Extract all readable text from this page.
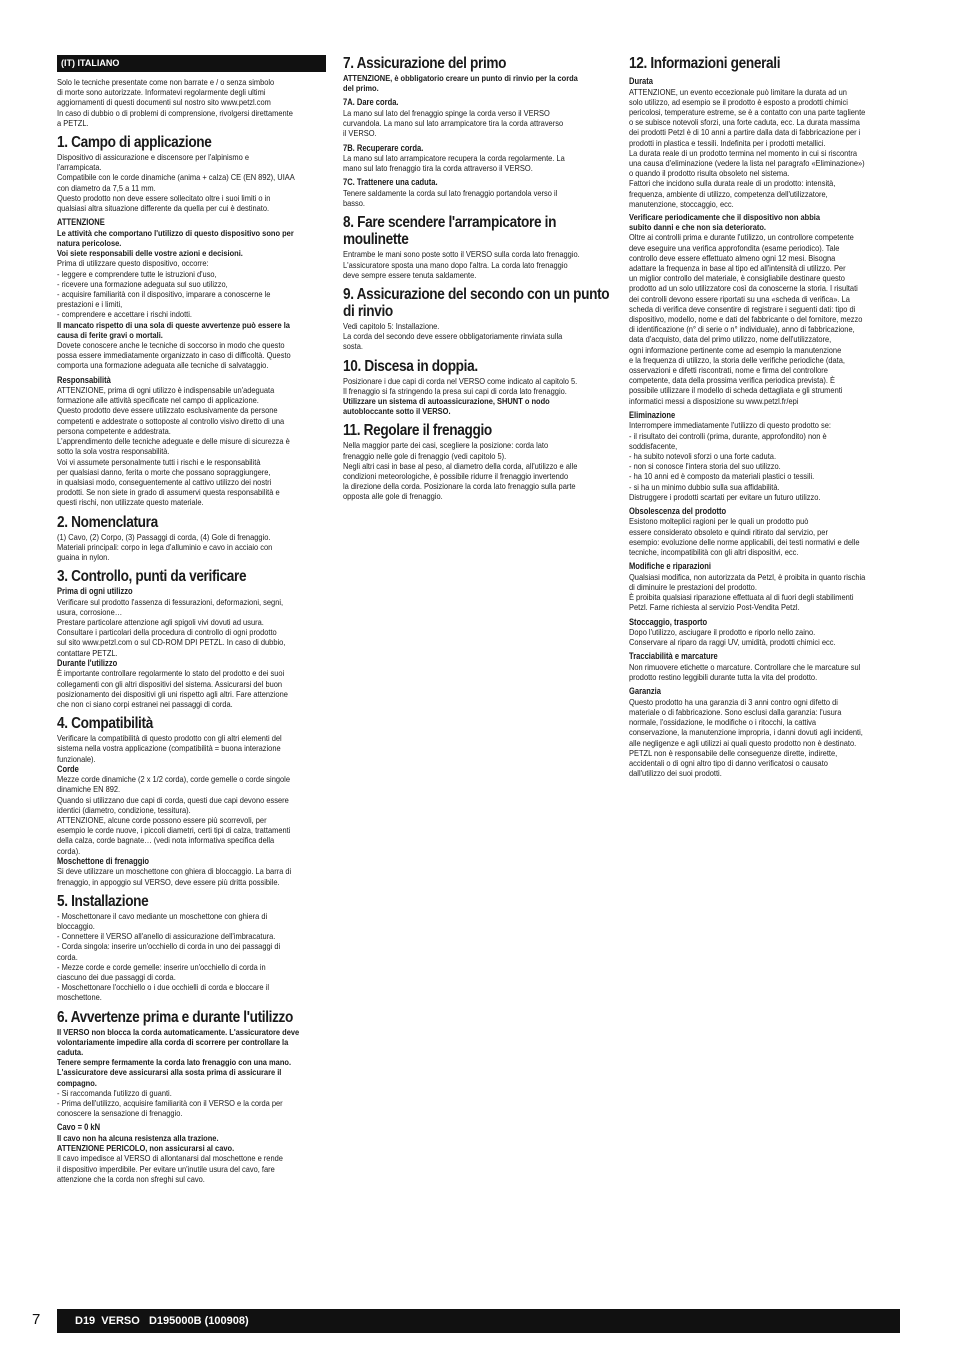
(IT) ITALIANO

Solo le tecniche presentate come non barrate e / o senza simbolo
di morte sono autorizzate. Informatevi regolarmente degli ultimi
aggiornamenti di questi documenti sul nostro sito www.petzl.com
In caso di dubbio o di problemi di comprensione, rivolgersi direttamente
a PETZL.

1. Campo di applicazione

Dispositivo di assicurazione e discensore per l'alpinismo e
l'arrampicata.
Compatibile con le corde dinamiche (anima + calza) CE (EN 892), UIAA
con diametro da 7,5 a 11 mm.
Questo prodotto non deve essere sollecitato oltre i suoi limiti o in
qualsiasi altra situazione differente da quella per cui è destinato.

ATTENZIONE

Le attività che comportano l'utilizzo di questo dispositivo sono per
natura pericolose.
Voi siete responsabili delle vostre azioni e decisioni.

Prima di utilizzare questo dispositivo, occorre:
- leggere e comprendere tutte le istruzioni d'uso,
- ricevere una formazione adeguata sul suo utilizzo,
- acquisire familiarità con il dispositivo, imparare a conoscerne le
prestazioni e i limiti,
- comprendere e accettare i rischi indotti.

Il mancato rispetto di una sola di queste avvertenze può essere la
causa di ferite gravi o mortali.

Dovete conoscere anche le tecniche di soccorso in modo che questo
possa essere immediatamente organizzato in caso di difficoltà. Questo
comporta una formazione adeguata alle tecniche di salvataggio.

Responsabilità

ATTENZIONE, prima di ogni utilizzo è indispensabile un'adeguata
formazione alle attività specificate nel campo di applicazione.
Questo prodotto deve essere utilizzato esclusivamente da persone
competenti e addestrate o sottoposte al controllo visivo diretto di una
persona competente e addestrata.
L'apprendimento delle tecniche adeguate e delle misure di sicurezza è
sotto la sola vostra responsabilità.
Voi vi assumete personalmente tutti i rischi e le responsabilità
per qualsiasi danno, ferita o morte che possano sopraggiungere,
in qualsiasi modo, conseguentemente al cattivo utilizzo dei nostri
prodotti. Se non siete in grado di assumervi questa responsabilità e
questi rischi, non utilizzate questo materiale.

2. Nomenclatura

(1) Cavo, (2) Corpo, (3) Passaggi di corda, (4) Gole di frenaggio.
Materiali principali: corpo in lega d'alluminio e cavo in acciaio con
guaina in nylon.

3. Controllo, punti da verificare
Prima di ogni utilizzo

Verificare sul prodotto l'assenza di fessurazioni, deformazioni, segni,
usura, corrosione…
Prestare particolare attenzione agli spigoli vivi dovuti ad usura.
Consultare i particolari della procedura di controllo di ogni prodotto
sul sito www.petzl.com o sul CD-ROM DPI PETZL. In caso di dubbio,
contattare PETZL.

Durante l'utilizzo

È importante controllare regolarmente lo stato del prodotto e dei suoi
collegamenti con gli altri dispositivi del sistema. Assicurarsi del buon
posizionamento dei dispositivi gli uni rispetto agli altri. Fare attenzione
che non ci siano corpi estranei nei passaggi di corda.

4. Compatibilità

Verificare la compatibilità di questo prodotto con gli altri elementi del
sistema nella vostra applicazione (compatibilità = buona interazione
funzionale).

Corde

Mezze corde dinamiche (2 x 1/2 corda), corde gemelle o corde singole
dinamiche EN 892.
Quando si utilizzano due capi di corda, questi due capi devono essere
identici (diametro, condizione, tessitura).
ATTENZIONE, alcune corde possono essere più scorrevoli, per
esempio le corde nuove, i piccoli diametri, certi tipi di calza, trattamenti
della calza, corde bagnate… (vedi nota informativa specifica della
corda).

Moschettone di frenaggio

Si deve utilizzare un moschettone con ghiera di bloccaggio. La barra di
frenaggio, in appoggio sul VERSO, deve essere più dritta possibile.

5. Installazione

- Moschettonare il cavo mediante un moschettone con ghiera di
bloccaggio.
- Connettere il VERSO all'anello di assicurazione dell'imbracatura.
- Corda singola: inserire un'occhiello di corda in uno dei passaggi di
corda.
- Mezze corde e corde gemelle: inserire un'occhiello di corda in
ciascuno dei due passaggi di corda.
- Moschettonare l'occhiello o i due occhielli di corda e bloccare il
moschettone.

6. Avvertenze prima e durante l'utilizzo

Il VERSO non blocca la corda automaticamente. L'assicuratore deve
volontariamente impedire alla corda di scorrere per controllare la
caduta.
Tenere sempre fermamente la corda lato frenaggio con una mano.
L'assicuratore deve assicurarsi alla sosta prima di assicurare il
compagno.

- Si raccomanda l'utilizzo di guanti.
- Prima dell'utilizzo, acquisire familiarità con il VERSO e la corda per
conoscere la sensazione di frenaggio.

Cavo = 0 kN

Il cavo non ha alcuna resistenza alla trazione.
ATTENZIONE PERICOLO, non assicurarsi al cavo.

Il cavo impedisce al VERSO di allontanarsi dal moschettone e rende
il dispositivo imperdibile. Per evitare un'inutile usura del cavo, fare
attenzione che la corda non sfreghi sul cavo.

7. Assicurazione del primo

ATTENZIONE, è obbligatorio creare un punto di rinvio per la corda
del primo.

7A. Dare corda.

La mano sul lato del frenaggio spinge la corda verso il VERSO
curvandola. La mano sul lato arrampicatore tira la corda attraverso
il VERSO.

7B. Recuperare corda.

La mano sul lato arrampicatore recupera la corda regolarmente. La
mano sul lato frenaggio tira la corda attraverso il VERSO.

7C. Trattenere una caduta.

Tenere saldamente la corda sul lato frenaggio portandola verso il
basso.

8. Fare scendere l'arrampicatore in moulinette

Entrambe le mani sono poste sotto il VERSO sulla corda lato frenaggio.
L'assicuratore sposta una mano dopo l'altra. La corda lato frenaggio
deve sempre essere tenuta saldamente.

9. Assicurazione del secondo con un punto di rinvio

Vedi capitolo 5: Installazione.
La corda del secondo deve essere obbligatoriamente rinviata sulla
sosta.

10. Discesa in doppia.

Posizionare i due capi di corda nel VERSO come indicato al capitolo 5.
Il frenaggio si fa stringendo la presa sui capi di corda lato frenaggio.

Utilizzare un sistema di autoassicurazione, SHUNT o nodo
autobloccante sotto il VERSO.

11. Regolare il frenaggio

Nella maggior parte dei casi, scegliere la posizione: corda lato
frenaggio nelle gole di frenaggio (vedi capitolo 5).
Negli altri casi in base al peso, al diametro della corda, all'utilizzo e alle
condizioni meteorologiche, è possibile ridurre il frenaggio invertendo
la direzione della corda. Posizionare la corda lato frenaggio sulla parte
opposta alle gole di frenaggio.

12. Informazioni generali
Durata

ATTENZIONE, un evento eccezionale può limitare la durata ad un
solo utilizzo, ad esempio se il prodotto è esposto a prodotti chimici
pericolosi, temperature estreme, se è a contatto con una parte tagliente
o se subisce notevoli sforzi, una forte caduta, ecc. La durata massima
dei prodotti Petzl è di 10 anni a partire dalla data di fabbricazione per i
prodotti in plastica e tessili. Indefinita per i prodotti metallici.
La durata reale di un prodotto termina nel momento in cui si riscontra
una causa d'eliminazione (vedere la lista nel paragrafo «Eliminazione»)
o quando il prodotto risulta obsoleto nel sistema.
Fattori che incidono sulla durata reale di un prodotto: intensità,
frequenza, ambiente di utilizzo, competenza dell'utilizzatore,
manutenzione, stoccaggio, ecc.

Verificare periodicamente che il dispositivo non abbia
subito danni e che non sia deteriorato.

Oltre ai controlli prima e durante l'utilizzo, un controllore competente
deve eseguire una verifica approfondita (esame periodico). Tale
controllo deve essere effettuato almeno ogni 12 mesi. Bisogna
adattare la frequenza in base al tipo ed all'intensità di utilizzo. Per
un miglior controllo del materiale, è consigliabile destinare questo
prodotto ad un solo utilizzatore così da conoscerne la storia. I risultati
dei controlli devono essere riportati su una «scheda di verifica». La
scheda di verifica deve consentire di registrare i seguenti dati: tipo di
dispositivo, modello, nome e dati del fabbricante o del fornitore, mezzo
di identificazione (n° di serie o n° individuale), anno di fabbricazione,
data d'acquisto, data del primo utilizzo, nome dell'utilizzatore,
ogni informazione pertinente come ad esempio la manutenzione
e la frequenza di utilizzo, la storia delle verifiche periodiche (data,
osservazioni e difetti riscontrati, nome e firma del controllore
competente, data della prossima verifica periodica prevista). È
possibile utilizzare il modello di scheda dettagliata e gli strumenti
informatici messi a disposizione su www.petzl.fr/epi

Eliminazione

Interrompere immediatamente l'utilizzo di questo prodotto se:
- il risultato dei controlli (prima, durante, approfondito) non è
soddisfacente,
- ha subito notevoli sforzi o una forte caduta.
- non si conosce l'intera storia del suo utilizzo.
- ha 10 anni ed è composto da materiali plastici o tessili.
- si ha un minimo dubbio sulla sua affidabilità.
Distruggere i prodotti scartati per evitare un futuro utilizzo.

Obsolescenza del prodotto

Esistono molteplici ragioni per le quali un prodotto può
essere considerato obsoleto e quindi ritirato dal servizio, per
esempio: evoluzione delle norme applicabili, dei testi normativi e delle
tecniche, incompatibilità con gli altri dispositivi, ecc.

Modifiche e riparazioni

Qualsiasi modifica, non autorizzata da Petzl, è proibita in quanto rischia
di diminuire le prestazioni del prodotto.
È proibita qualsiasi riparazione effettuata al di fuori degli stabilimenti
Petzl. Farne richiesta al servizio Post-Vendita Petzl.

Stoccaggio, trasporto

Dopo l'utilizzo, asciugare il prodotto e riporlo nello zaino.
Conservare al riparo da raggi UV, umidità, prodotti chimici ecc.

Tracciabilità e marcature

Non rimuovere etichette o marcature. Controllare che le marcature sul
prodotto restino leggibili durante tutta la vita del prodotto.

Garanzia

Questo prodotto ha una garanzia di 3 anni contro ogni difetto di
materiale o di fabbricazione. Sono esclusi dalla garanzia: l'usura
normale, l'ossidazione, le modifiche o i ritocchi, la cattiva
conservazione, la manutenzione impropria, i danni dovuti agli incidenti,
alle negligenze e agli utilizzi ai quali questo prodotto non è destinato.
PETZL non è responsabile delle conseguenze dirette, indirette,
accidentali o di ogni altro tipo di danno verificatosi o causato
dall'utilizzo dei suoi prodotti.

7	D19  VERSO   D195000B (100908)
